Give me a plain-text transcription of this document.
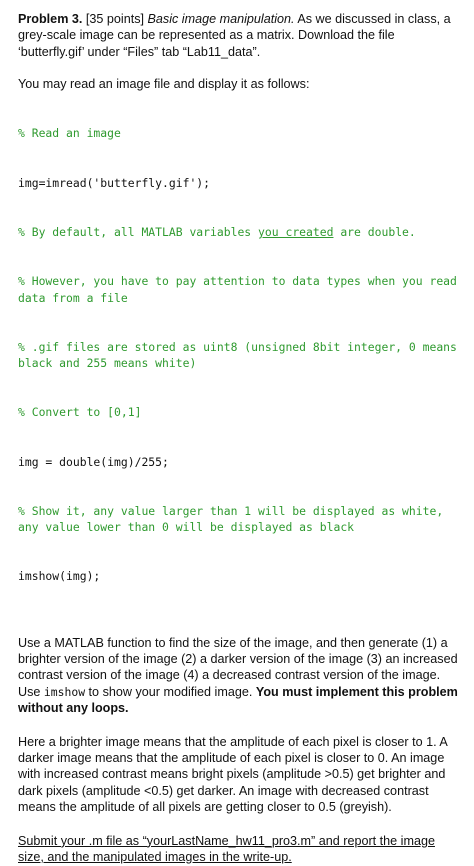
Problem 3. [35 points] Basic image manipulation. As we discussed in class, a grey-scale image can be represented as a matrix. Download the file ‘butterfly.gif’ under “Files” tab “Lab11_data”.

You may read an image file and display it as follows:

% Read an image

img=imread('butterfly.gif');

% By default, all MATLAB variables you created are double.

% However, you have to pay attention to data types when you read data from a file

% .gif files are stored as uint8 (unsigned 8bit integer, 0 means black and 255 means white)

% Convert to [0,1]

img = double(img)/255;

% Show it, any value larger than 1 will be displayed as white, any value lower than 0 will be displayed as black

imshow(img);

Use a MATLAB function to find the size of the image, and then generate (1) a brighter version of the image (2) a darker version of the image (3) an increased contrast version of the image (4) a decreased contrast version of the image. Use imshow to show your modified image. You must implement this problem without any loops.

Here a brighter image means that the amplitude of each pixel is closer to 1. A darker image means that the amplitude of each pixel is closer to 0. An image with increased contrast means bright pixels (amplitude >0.5) get brighter and dark pixels (amplitude <0.5) get darker. An image with decreased contrast means the amplitude of all pixels are getting closer to 0.5 (greyish).

Submit your .m file as “yourLastName_hw11_pro3.m” and report the image size, and the manipulated images in the write-up.
